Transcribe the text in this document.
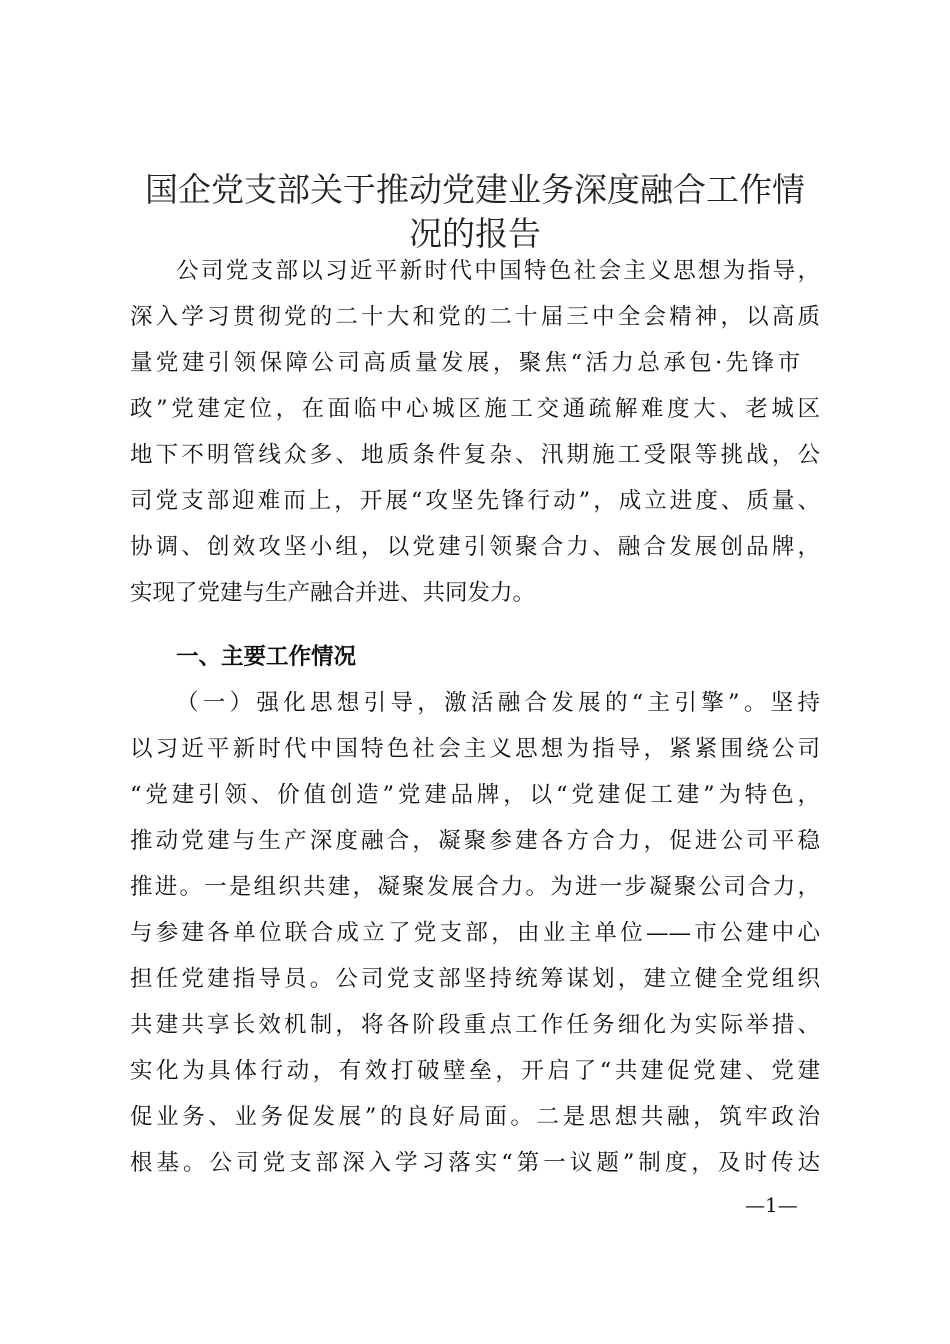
国企党支部关于推动党建业务深度融合工作情
况的报告
公司党支部以习近平新时代中国特色社会主义思想为指导，
深入学习贯彻党的二十大和党的二十届三中全会精神，以高质
量党建引领保障公司高质量发展，聚焦“活力总承包·先锋市
政”党建定位，在面临中心城区施工交通疏解难度大、老城区
地下不明管线众多、地质条件复杂、汛期施工受限等挑战，公
司党支部迎难而上，开展“攻坚先锋行动”，成立进度、质量、
协调、创效攻坚小组，以党建引领聚合力、融合发展创品牌，
实现了党建与生产融合并进、共同发力。
一、主要工作情况
（一）强化思想引导，激活融合发展的“主引擎”。坚持
以习近平新时代中国特色社会主义思想为指导，紧紧围绕公司
“党建引领、价值创造”党建品牌，以“党建促工建”为特色，
推动党建与生产深度融合，凝聚参建各方合力，促进公司平稳
推进。一是组织共建，凝聚发展合力。为进一步凝聚公司合力，
与参建各单位联合成立了党支部，由业主单位——市公建中心
担任党建指导员。公司党支部坚持统筹谋划，建立健全党组织
共建共享长效机制，将各阶段重点工作任务细化为实际举措、
实化为具体行动，有效打破壁垒，开启了“共建促党建、党建
促业务、业务促发展”的良好局面。二是思想共融，筑牢政治
根基。公司党支部深入学习落实“第一议题”制度，及时传达
—1—
